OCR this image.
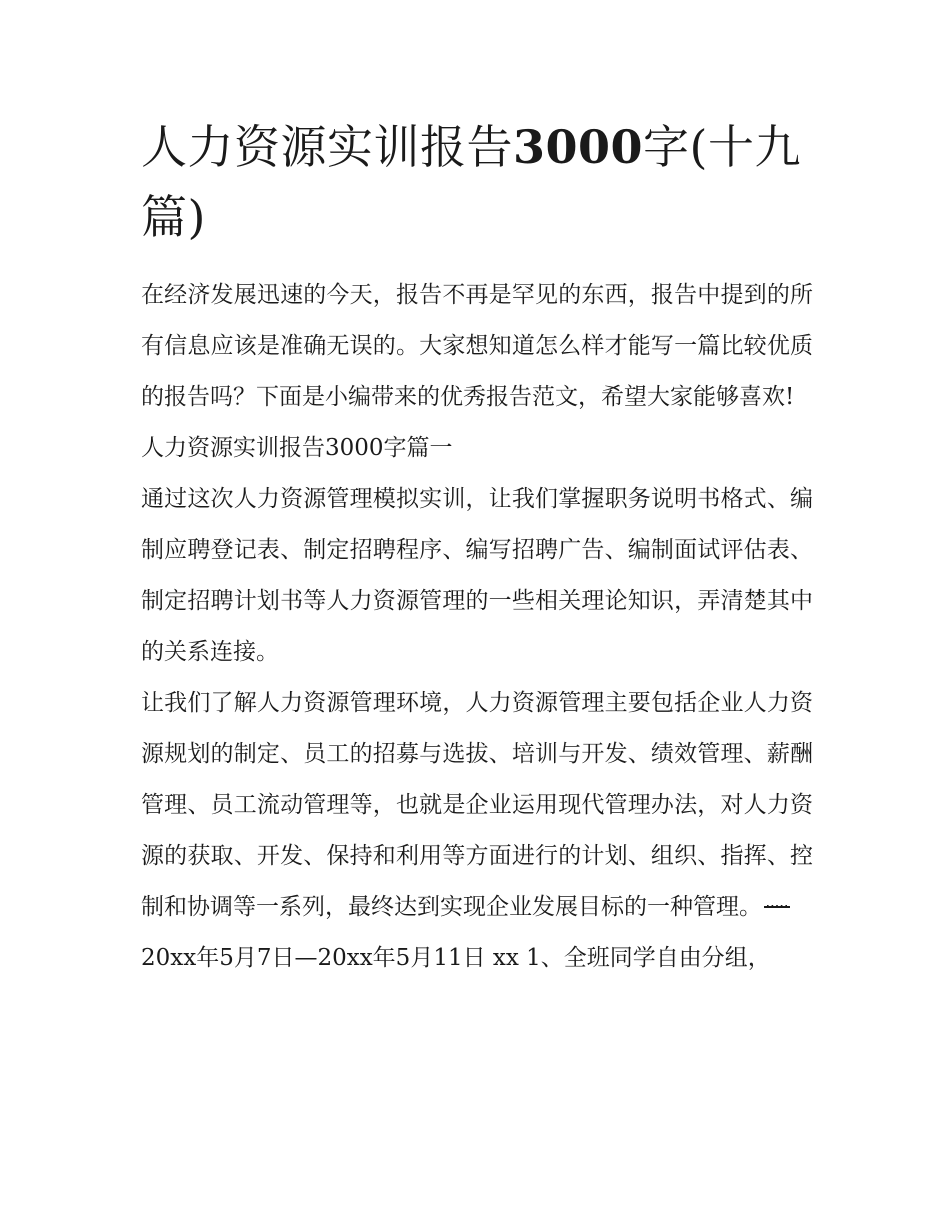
人力资源实训报告3000字(十九篇)

在经济发展迅速的今天，报告不再是罕见的东西，报告中提到的所有信息应该是准确无误的。大家想知道怎么样才能写一篇比较优质的报告吗？下面是小编带来的优秀报告范文，希望大家能够喜欢!

人力资源实训报告3000字篇一

通过这次人力资源管理模拟实训，让我们掌握职务说明书格式、编制应聘登记表、制定招聘程序、编写招聘广告、编制面试评估表、制定招聘计划书等人力资源管理的一些相关理论知识，弄清楚其中的关系连接。

让我们了解人力资源管理环境，人力资源管理主要包括企业人力资源规划的制定、员工的招募与选拔、培训与开发、绩效管理、薪酬管理、员工流动管理等，也就是企业运用现代管理办法，对人力资源的获取、开发、保持和利用等方面进行的计划、组织、指挥、控制和协调等一系列，最终达到实现企业发展目标的一种管理。

20xx年5月7日—20xx年5月11日 xx 1、全班同学自由分组，
